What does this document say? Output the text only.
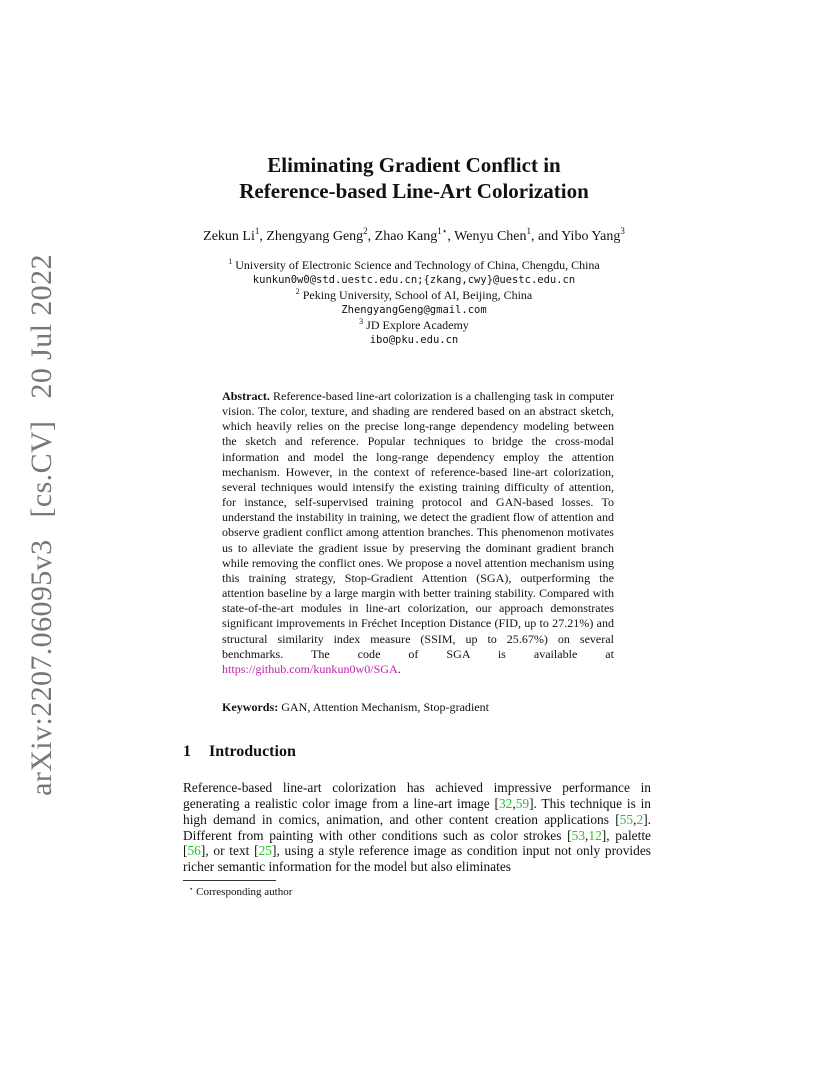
arXiv:2207.06095v3[cs.CV]20 Jul 2022
Eliminating Gradient Conflict in
Reference-based Line-Art Colorization
Zekun Li$^1$, Zhengyang Geng$^2$, Zhao Kang$^{1⋆}$, Wenyu Chen$^1$, and Yibo Yang$^3$
$^1$ University of Electronic Science and Technology of China, Chengdu, China
kunkun0w0@std.uestc.edu.cn;{zkang,cwy}@uestc.edu.cn
$^2$ Peking University, School of AI, Beijing, China
ZhengyangGeng@gmail.com
$^3$ JD Explore Academy
ibo@pku.edu.cn
Abstract. Reference-based line-art colorization is a challenging task in computer vision. The color, texture, and shading are rendered based on an abstract sketch, which heavily relies on the precise long-range dependency modeling between the sketch and reference. Popular techniques to bridge the cross-modal information and model the long-range dependency employ the attention mechanism. However, in the context of reference-based line-art colorization, several techniques would intensify the existing training difficulty of attention, for instance, self-supervised training protocol and GAN-based losses. To understand the instability in training, we detect the gradient flow of attention and observe gradient conflict among attention branches. This phenomenon motivates us to alleviate the gradient issue by preserving the dominant gradient branch while removing the conflict ones. We propose a novel attention mechanism using this training strategy, Stop-Gradient Attention (SGA), outperforming the attention baseline by a large margin with better training stability. Compared with state-of-the-art modules in line-art colorization, our approach demonstrates significant improvements in Fréchet Inception Distance (FID, up to 27.21%) and structural similarity index measure (SSIM, up to 25.67%) on several benchmarks. The code of SGA is available at https://github.com/kunkun0w0/SGA.
Keywords: GAN, Attention Mechanism, Stop-gradient
1 Introduction
Reference-based line-art colorization has achieved impressive performance in generating a realistic color image from a line-art image [32,59]. This technique is in high demand in comics, animation, and other content creation applications [55,2]. Different from painting with other conditions such as color strokes [53,12], palette [56], or text [25], using a style reference image as condition input not only provides richer semantic information for the model but also eliminates
⋆ Corresponding author
